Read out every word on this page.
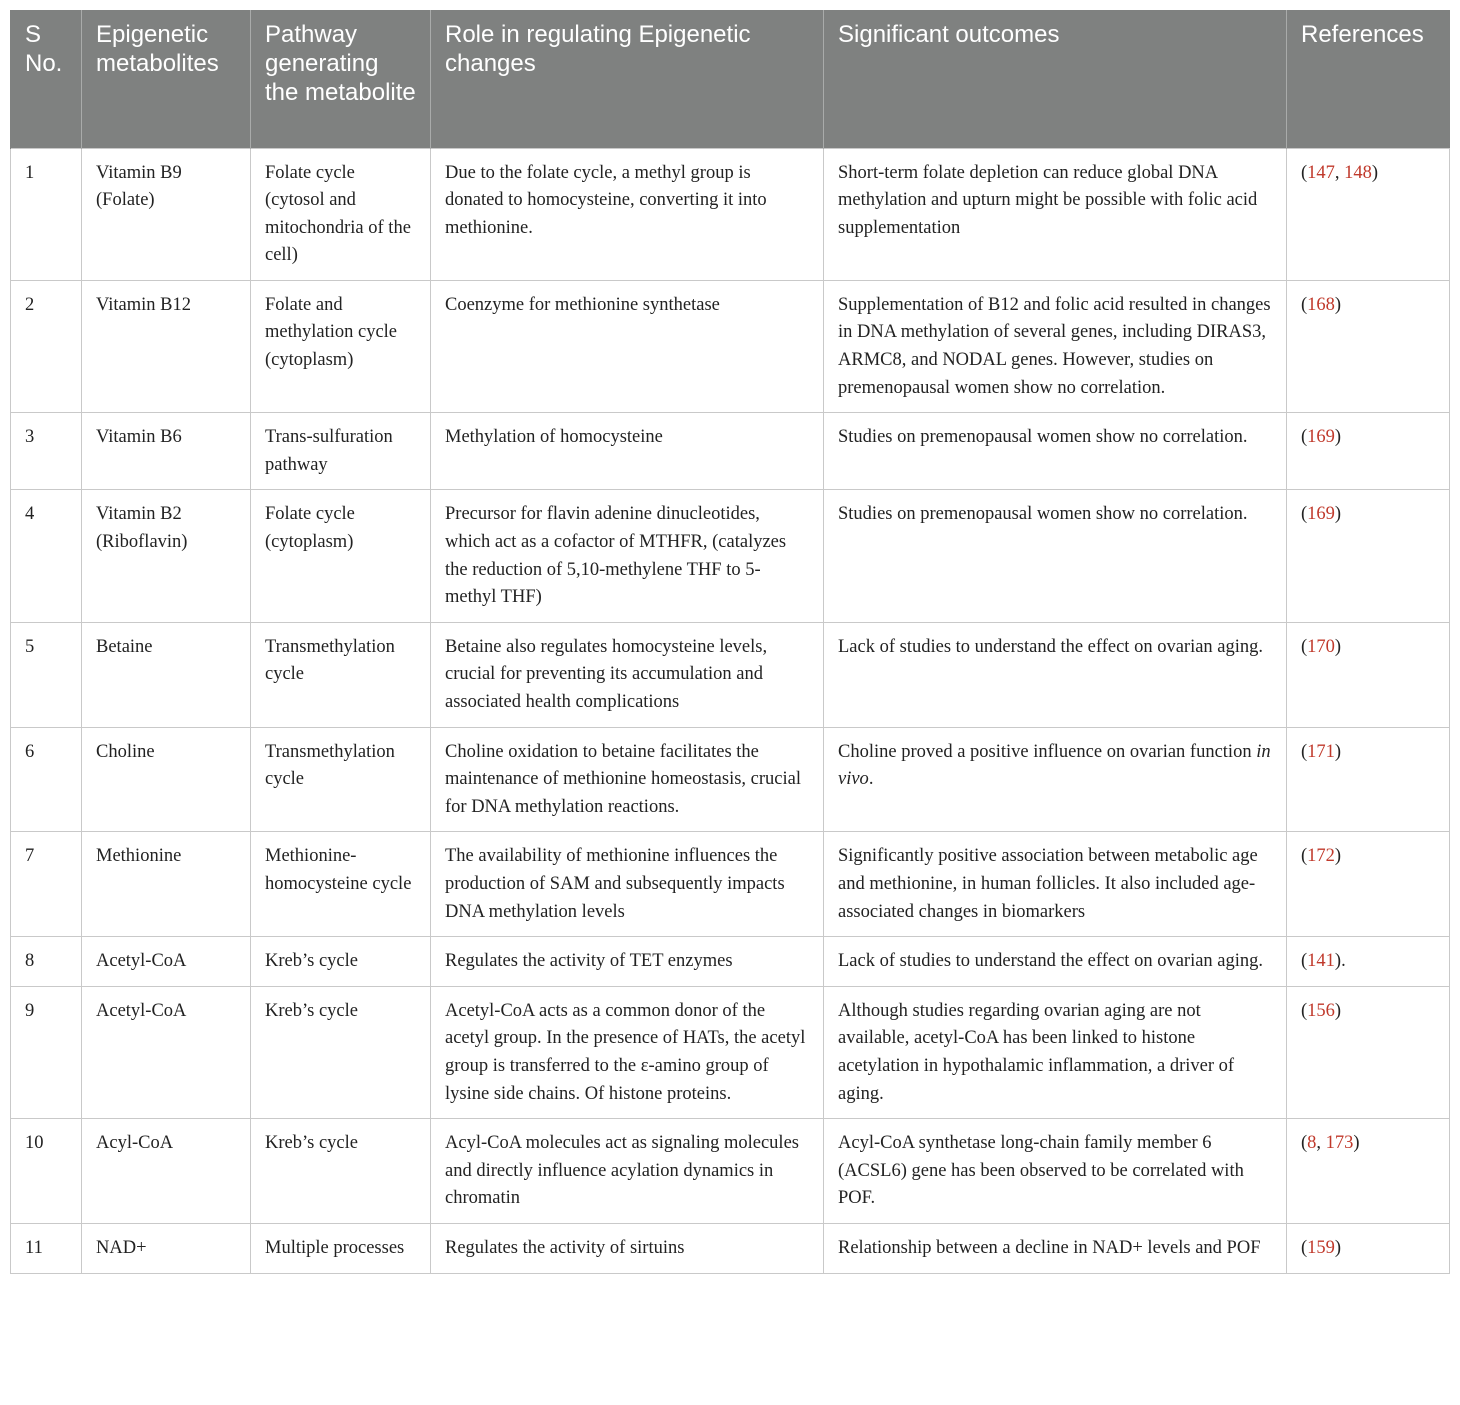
S No.	Epigenetic metabolites	Pathway generating the metabolite	Role in regulating Epigenetic changes	Significant outcomes	References
1	Vitamin B9 (Folate)	Folate cycle (cytosol and mitochondria of the cell)	Due to the folate cycle, a methyl group is donated to homocysteine, converting it into methionine.	Short-term folate depletion can reduce global DNA methylation and upturn might be possible with folic acid supplementation	(147, 148)
2	Vitamin B12	Folate and methylation cycle (cytoplasm)	Coenzyme for methionine synthetase	Supplementation of B12 and folic acid resulted in changes in DNA methylation of several genes, including DIRAS3, ARMC8, and NODAL genes. However, studies on premenopausal women show no correlation.	(168)
3	Vitamin B6	Trans-sulfuration pathway	Methylation of homocysteine	Studies on premenopausal women show no correlation.	(169)
4	Vitamin B2 (Riboflavin)	Folate cycle (cytoplasm)	Precursor for flavin adenine dinucleotides, which act as a cofactor of MTHFR, (catalyzes the reduction of 5,10-methylene THF to 5-methyl THF)	Studies on premenopausal women show no correlation.	(169)
5	Betaine	Transmethylation cycle	Betaine also regulates homocysteine levels, crucial for preventing its accumulation and associated health complications	Lack of studies to understand the effect on ovarian aging.	(170)
6	Choline	Transmethylation cycle	Choline oxidation to betaine facilitates the maintenance of methionine homeostasis, crucial for DNA methylation reactions.	Choline proved a positive influence on ovarian function in vivo.	(171)
7	Methionine	Methionine-homocysteine cycle	The availability of methionine influences the production of SAM and subsequently impacts DNA methylation levels	Significantly positive association between metabolic age and methionine, in human follicles. It also included age-associated changes in biomarkers	(172)
8	Acetyl-CoA	Kreb’s cycle	Regulates the activity of TET enzymes	Lack of studies to understand the effect on ovarian aging.	(141).
9	Acetyl-CoA	Kreb’s cycle	Acetyl-CoA acts as a common donor of the acetyl group. In the presence of HATs, the acetyl group is transferred to the ε-amino group of lysine side chains. Of histone proteins.	Although studies regarding ovarian aging are not available, acetyl-CoA has been linked to histone acetylation in hypothalamic inflammation, a driver of aging.	(156)
10	Acyl-CoA	Kreb’s cycle	Acyl-CoA molecules act as signaling molecules and directly influence acylation dynamics in chromatin	Acyl-CoA synthetase long-chain family member 6 (ACSL6) gene has been observed to be correlated with POF.	(8, 173)
11	NAD+	Multiple processes	Regulates the activity of sirtuins	Relationship between a decline in NAD+ levels and POF	(159)
